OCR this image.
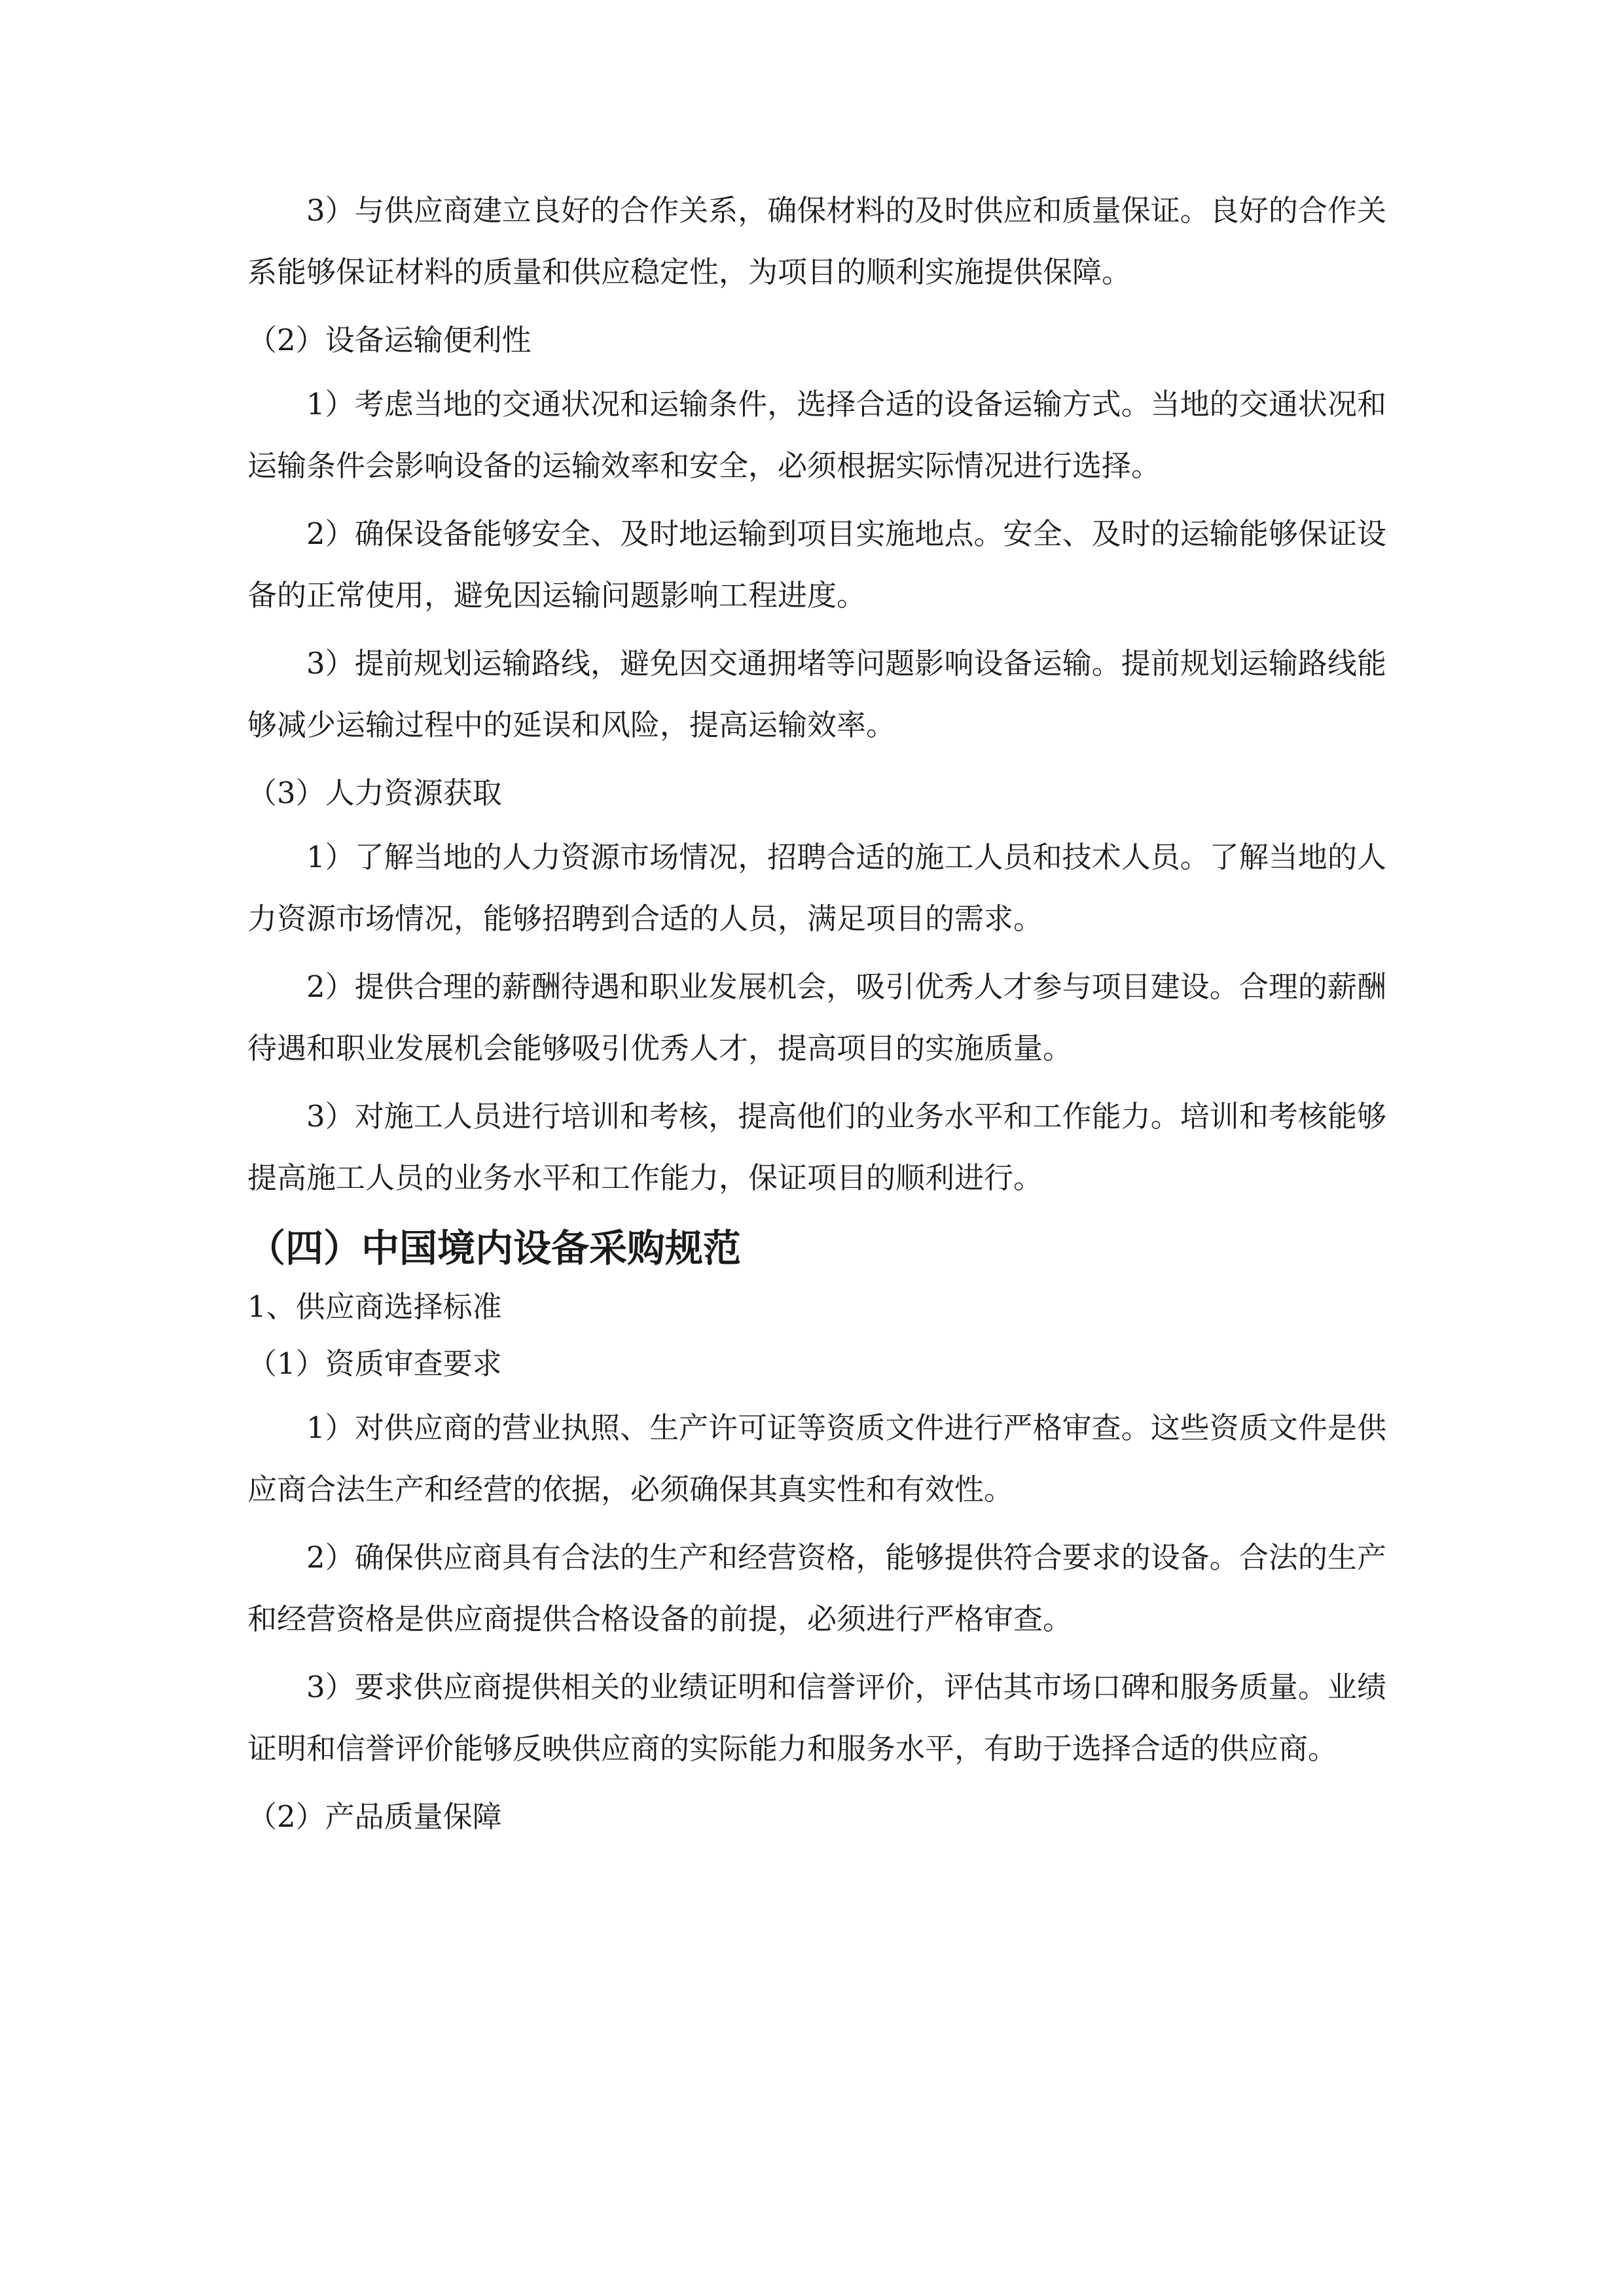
3）与供应商建立良好的合作关系，确保材料的及时供应和质量保证。良好的合作关系能够保证材料的质量和供应稳定性，为项目的顺利实施提供保障。

（2）设备运输便利性

1）考虑当地的交通状况和运输条件，选择合适的设备运输方式。当地的交通状况和运输条件会影响设备的运输效率和安全，必须根据实际情况进行选择。

2）确保设备能够安全、及时地运输到项目实施地点。安全、及时的运输能够保证设备的正常使用，避免因运输问题影响工程进度。

3）提前规划运输路线，避免因交通拥堵等问题影响设备运输。提前规划运输路线能够减少运输过程中的延误和风险，提高运输效率。

（3）人力资源获取

1）了解当地的人力资源市场情况，招聘合适的施工人员和技术人员。了解当地的人力资源市场情况，能够招聘到合适的人员，满足项目的需求。

2）提供合理的薪酬待遇和职业发展机会，吸引优秀人才参与项目建设。合理的薪酬待遇和职业发展机会能够吸引优秀人才，提高项目的实施质量。

3）对施工人员进行培训和考核，提高他们的业务水平和工作能力。培训和考核能够提高施工人员的业务水平和工作能力，保证项目的顺利进行。

（四）中国境内设备采购规范

1、供应商选择标准

（1）资质审查要求

1）对供应商的营业执照、生产许可证等资质文件进行严格审查。这些资质文件是供应商合法生产和经营的依据，必须确保其真实性和有效性。

2）确保供应商具有合法的生产和经营资格，能够提供符合要求的设备。合法的生产和经营资格是供应商提供合格设备的前提，必须进行严格审查。

3）要求供应商提供相关的业绩证明和信誉评价，评估其市场口碑和服务质量。业绩证明和信誉评价能够反映供应商的实际能力和服务水平，有助于选择合适的供应商。

（2）产品质量保障
